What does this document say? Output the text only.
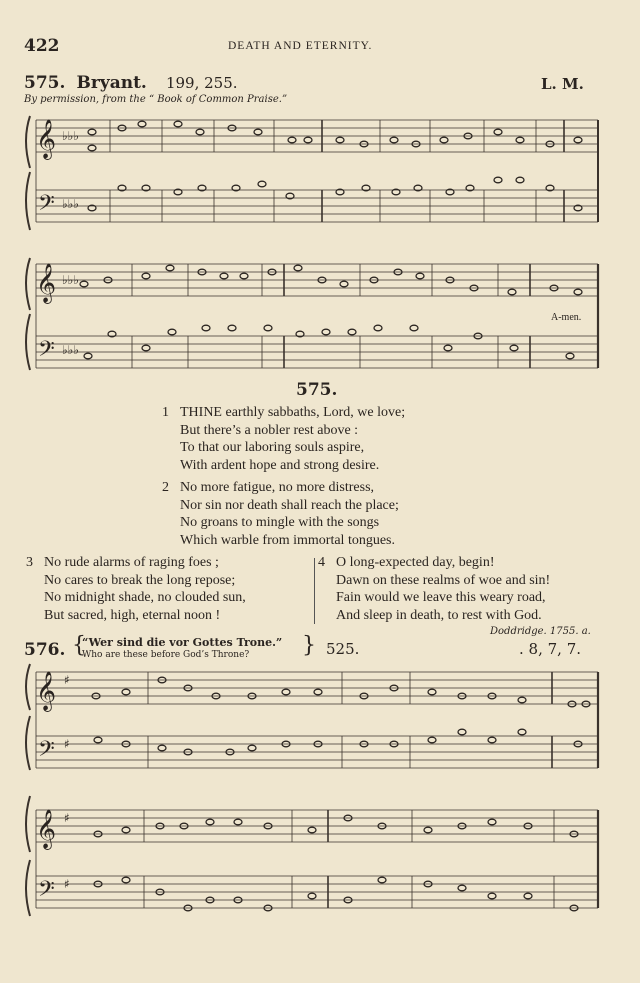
422	DEATH AND ETERNITY.
575. Bryant. 199, 255.	L. M.
By permission, from the “ Book of Common Praise.”
𝄞
𝄢
♭♭♭
♭♭♭
𝄞
𝄢
♭♭♭
♭♭♭
A-men.
575.
1 THINE earthly sabbaths, Lord, we love;
But there’s a nobler rest above :
To that our laboring souls aspire,
With ardent hope and strong desire.
2 No more fatigue, no more distress,
Nor sin nor death shall reach the place;
No groans to mingle with the songs
Which warble from immortal tongues.
3 No rude alarms of raging foes ;
No cares to break the long repose;
No midnight shade, no clouded sun,
But sacred, high, eternal noon !
4 O long-expected day, begin!
Dawn on these realms of woe and sin!
Fain would we leave this weary road,
And sleep in death, to rest with God.
Doddridge. 1755. a.
576. {
“Wer sind die vor Gottes Trone.”
Who are these before God’s Throne? } 525.	. 8, 7, 7.
𝄞
𝄢
♯
♯
𝄞
𝄢
♯
♯
